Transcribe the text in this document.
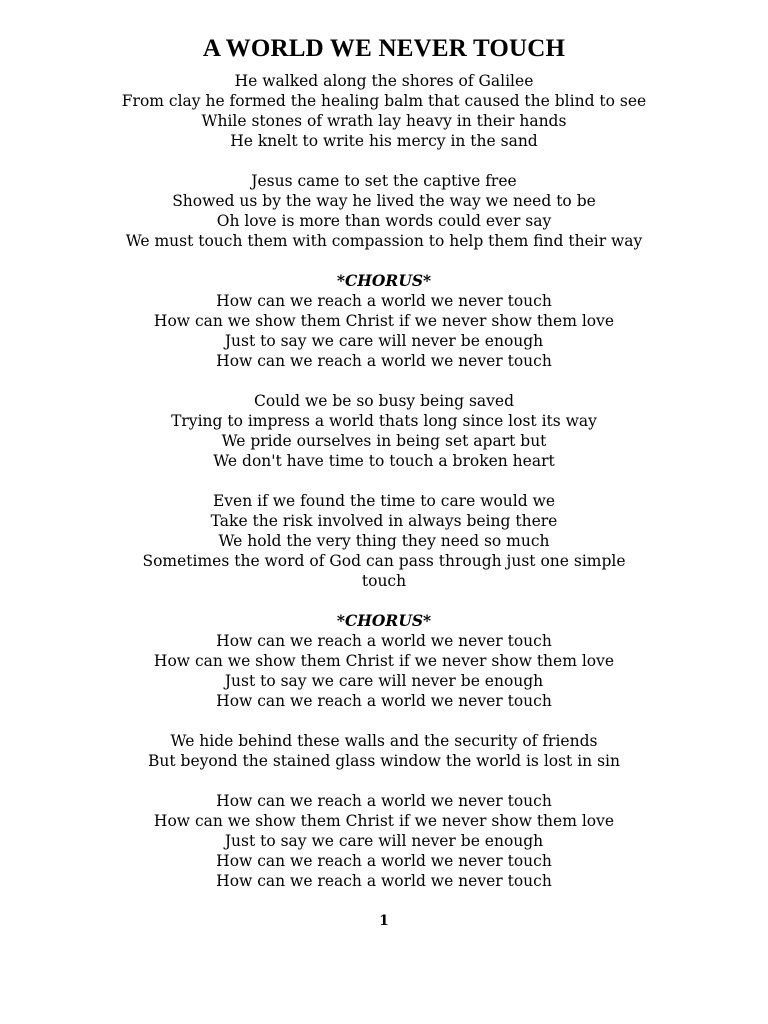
A WORLD WE NEVER TOUCH
He walked along the shores of Galilee
From clay he formed the healing balm that caused the blind to see
While stones of wrath lay heavy in their hands
He knelt to write his mercy in the sand
Jesus came to set the captive free
Showed us by the way he lived the way we need to be
Oh love is more than words could ever say
We must touch them with compassion to help them find their way
*CHORUS*
How can we reach a world we never touch
How can we show them Christ if we never show them love
Just to say we care will never be enough
How can we reach a world we never touch
Could we be so busy being saved
Trying to impress a world thats long since lost its way
We pride ourselves in being set apart but
We don't have time to touch a broken heart
Even if we found the time to care would we
Take the risk involved in always being there
We hold the very thing they need so much
Sometimes the word of God can pass through just one simple
touch
*CHORUS*
How can we reach a world we never touch
How can we show them Christ if we never show them love
Just to say we care will never be enough
How can we reach a world we never touch
We hide behind these walls and the security of friends
But beyond the stained glass window the world is lost in sin
How can we reach a world we never touch
How can we show them Christ if we never show them love
Just to say we care will never be enough
How can we reach a world we never touch
How can we reach a world we never touch
1
